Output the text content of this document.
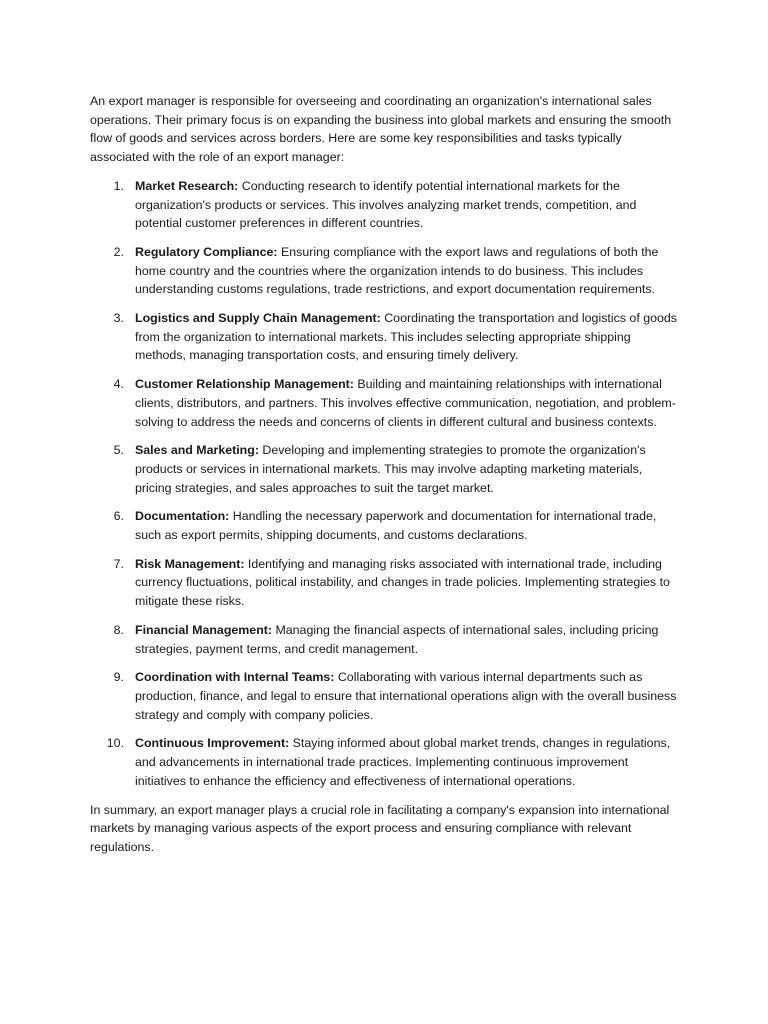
An export manager is responsible for overseeing and coordinating an organization's international sales operations. Their primary focus is on expanding the business into global markets and ensuring the smooth flow of goods and services across borders. Here are some key responsibilities and tasks typically associated with the role of an export manager:

1. Market Research: Conducting research to identify potential international markets for the organization's products or services. This involves analyzing market trends, competition, and potential customer preferences in different countries.
2. Regulatory Compliance: Ensuring compliance with the export laws and regulations of both the home country and the countries where the organization intends to do business. This includes understanding customs regulations, trade restrictions, and export documentation requirements.
3. Logistics and Supply Chain Management: Coordinating the transportation and logistics of goods from the organization to international markets. This includes selecting appropriate shipping methods, managing transportation costs, and ensuring timely delivery.
4. Customer Relationship Management: Building and maintaining relationships with international clients, distributors, and partners. This involves effective communication, negotiation, and problem-solving to address the needs and concerns of clients in different cultural and business contexts.
5. Sales and Marketing: Developing and implementing strategies to promote the organization's products or services in international markets. This may involve adapting marketing materials, pricing strategies, and sales approaches to suit the target market.
6. Documentation: Handling the necessary paperwork and documentation for international trade, such as export permits, shipping documents, and customs declarations.
7. Risk Management: Identifying and managing risks associated with international trade, including currency fluctuations, political instability, and changes in trade policies. Implementing strategies to mitigate these risks.
8. Financial Management: Managing the financial aspects of international sales, including pricing strategies, payment terms, and credit management.
9. Coordination with Internal Teams: Collaborating with various internal departments such as production, finance, and legal to ensure that international operations align with the overall business strategy and comply with company policies.
10. Continuous Improvement: Staying informed about global market trends, changes in regulations, and advancements in international trade practices. Implementing continuous improvement initiatives to enhance the efficiency and effectiveness of international operations.

In summary, an export manager plays a crucial role in facilitating a company's expansion into international markets by managing various aspects of the export process and ensuring compliance with relevant regulations.
